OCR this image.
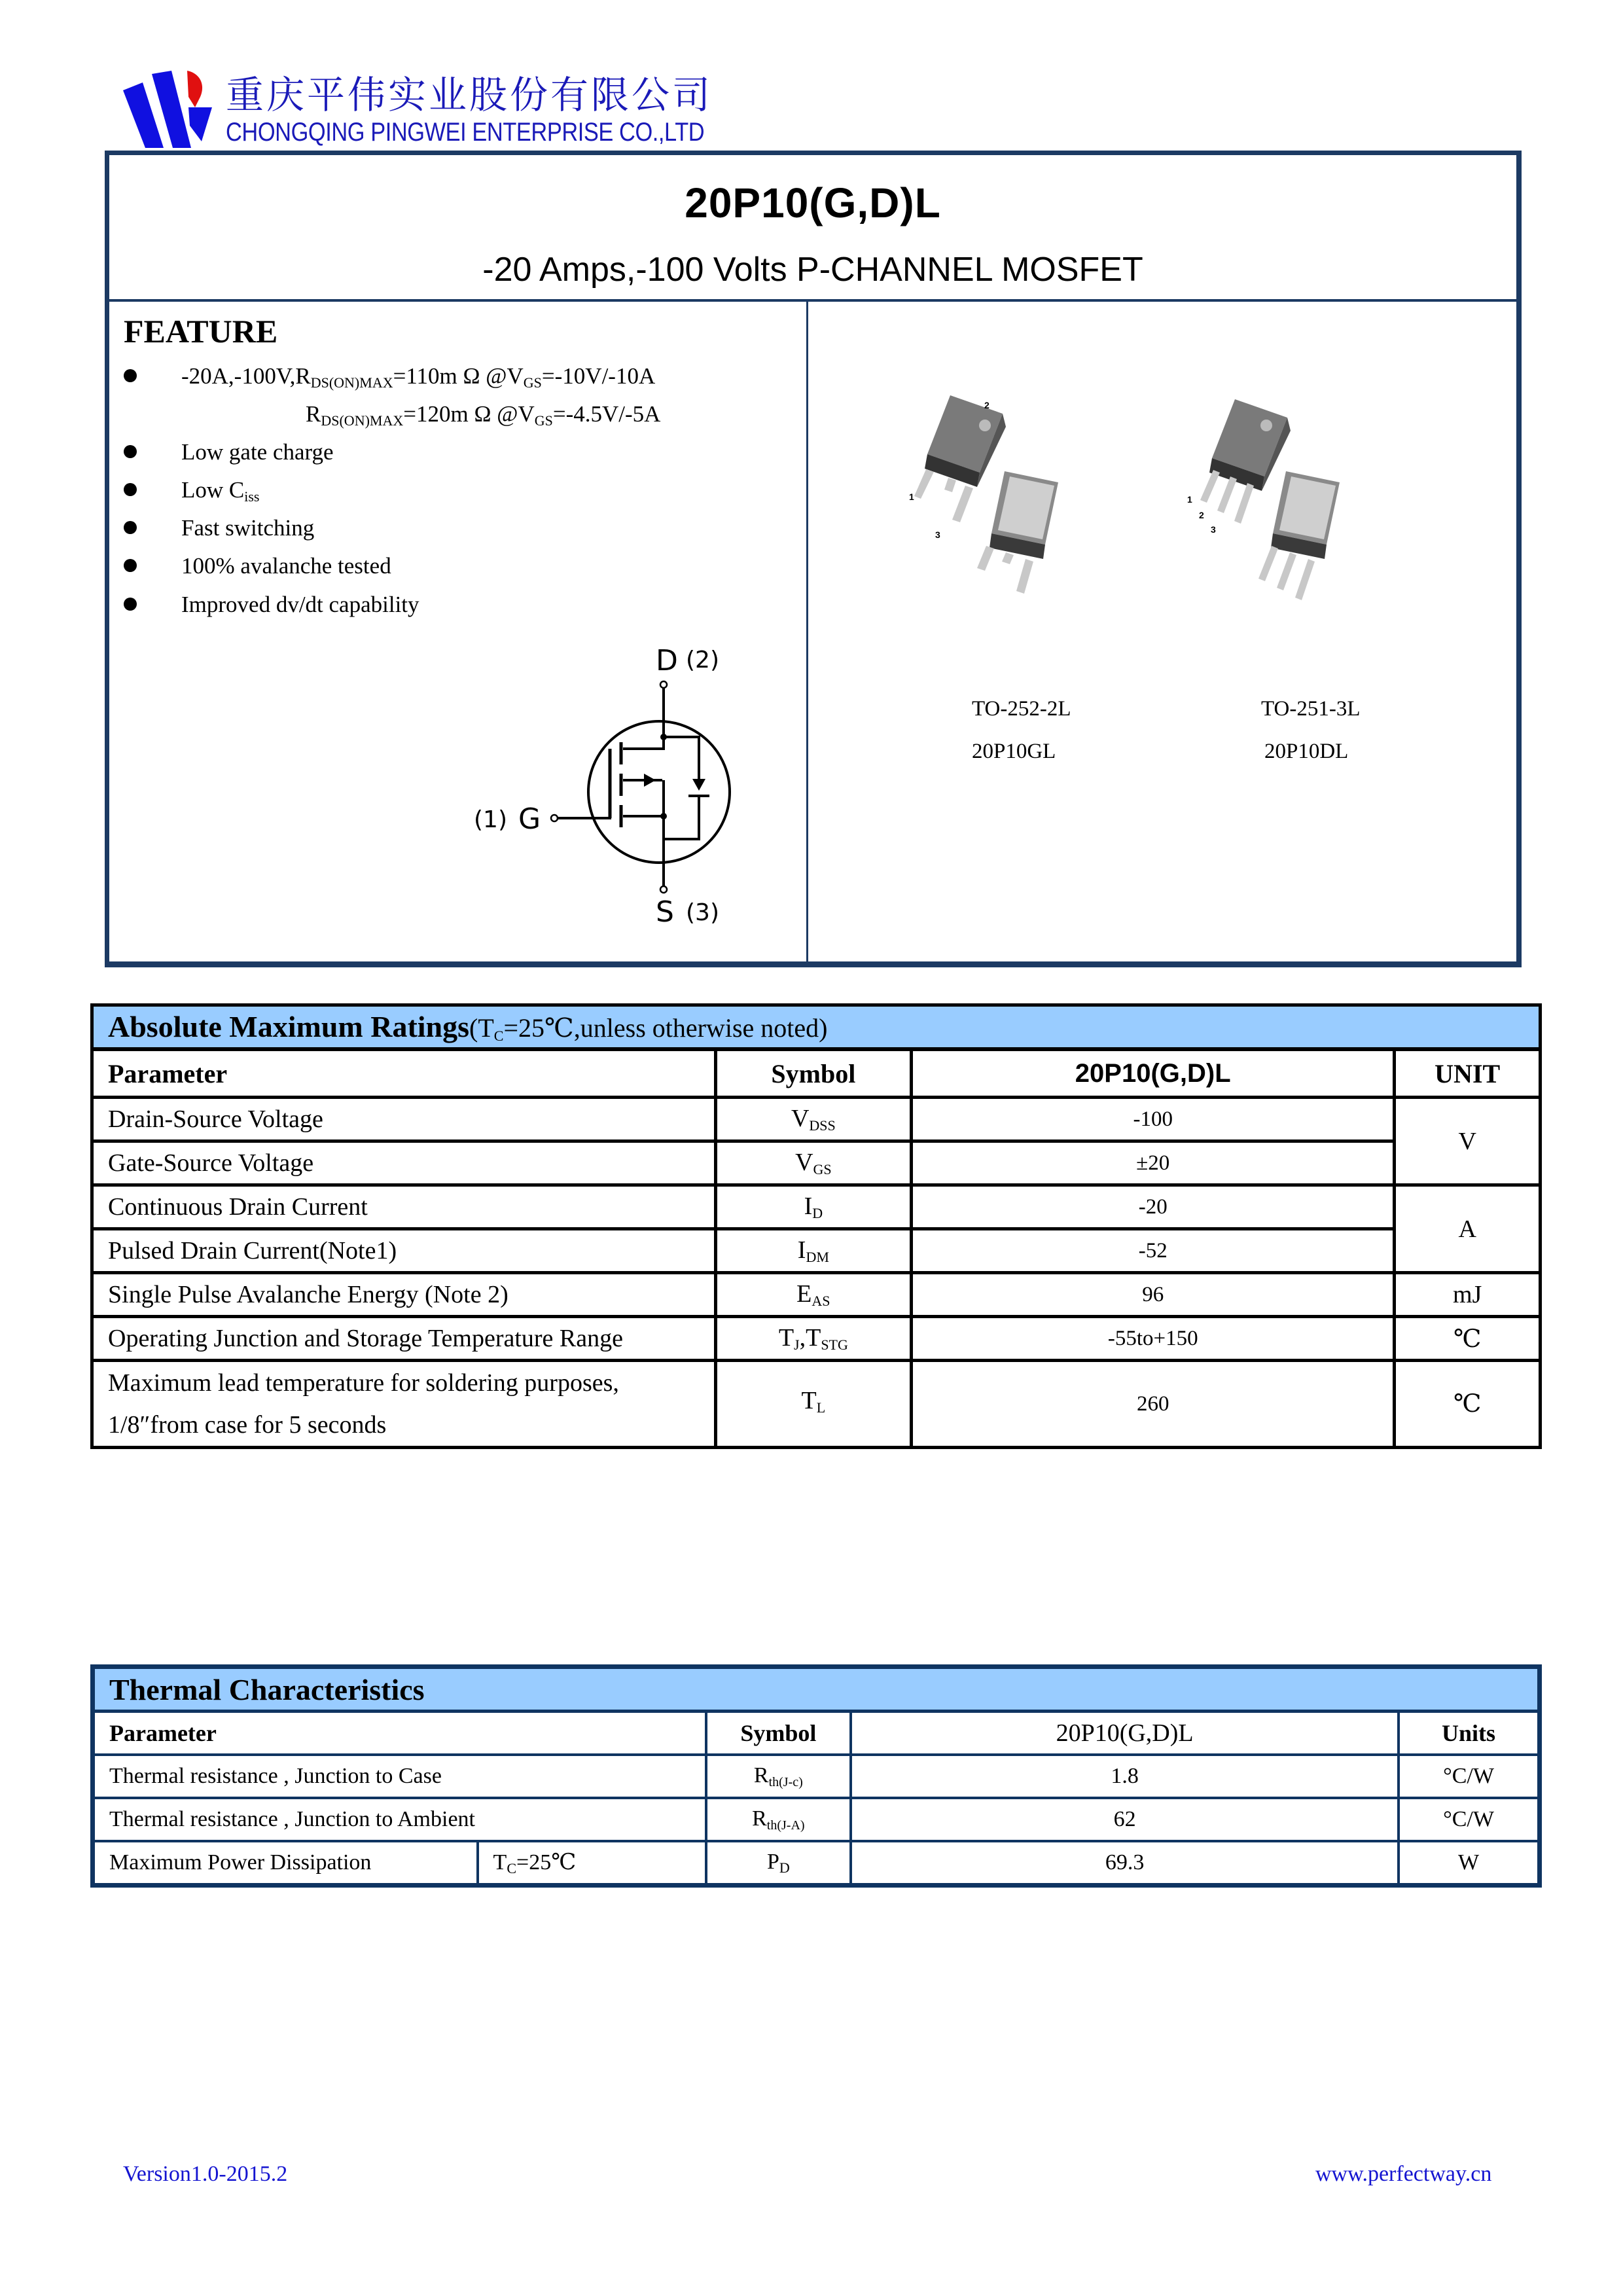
重庆平伟实业股份有限公司
CHONGQING PINGWEI ENTERPRISE CO.,LTD
20P10(G,D)L
-20 Amps,-100 Volts P-CHANNEL MOSFET
FEATURE
$-20A,-100V,R_{DS(ON)MAX}=110m$ Ω $@V_{GS}=-10V/-10A$
$R_{DS(ON)MAX}=120m$ Ω $@V_{GS}=-4.5V/-5A$
Low gate charge
Low Ciss
Fast switching
100% avalanche tested
Improved dv/dt capability
D (2)
G
(1)
S (3)
1
2
3
1
2
3
TO-252-2L
20P10GL
TO-251-3L
20P10DL
Absolute Maximum $Ratings(T_C=25℃,unless$ otherwise noted)			
Parameter	Symbol	20P10(G,D)L	UNIT
Drain-Source Voltage	$V_{DSS}$	-100	V
Gate-Source Voltage	$V_{GS}$	±20	
Continuous Drain Current	$I_D$	-20	A
Pulsed Drain Current(Note1)	$I_{DM}$	-52	
Single Pulse Avalanche Energy (Note 2)	$E_{AS}$	96	mJ
Operating Junction and Storage Temperature Range	$T_J,T_{STG}$	-55to+150	℃
Maximum lead temperature for soldering purposes,
1/8″from case for 5 seconds	$T_L$	260	℃
Thermal Characteristics				
Parameter		Symbol	20P10(G,D)L	Units
Thermal resistance , Junction to Case		$R_{th(J-c)}$	1.8	°C/W
Thermal resistance , Junction to Ambient		$R_{th(J-A)}$	62	°C/W
Maximum Power Dissipation	$T_C=25℃$	$P_D$	69.3	W
Version1.0-2015.2	www.perfectway.cn
